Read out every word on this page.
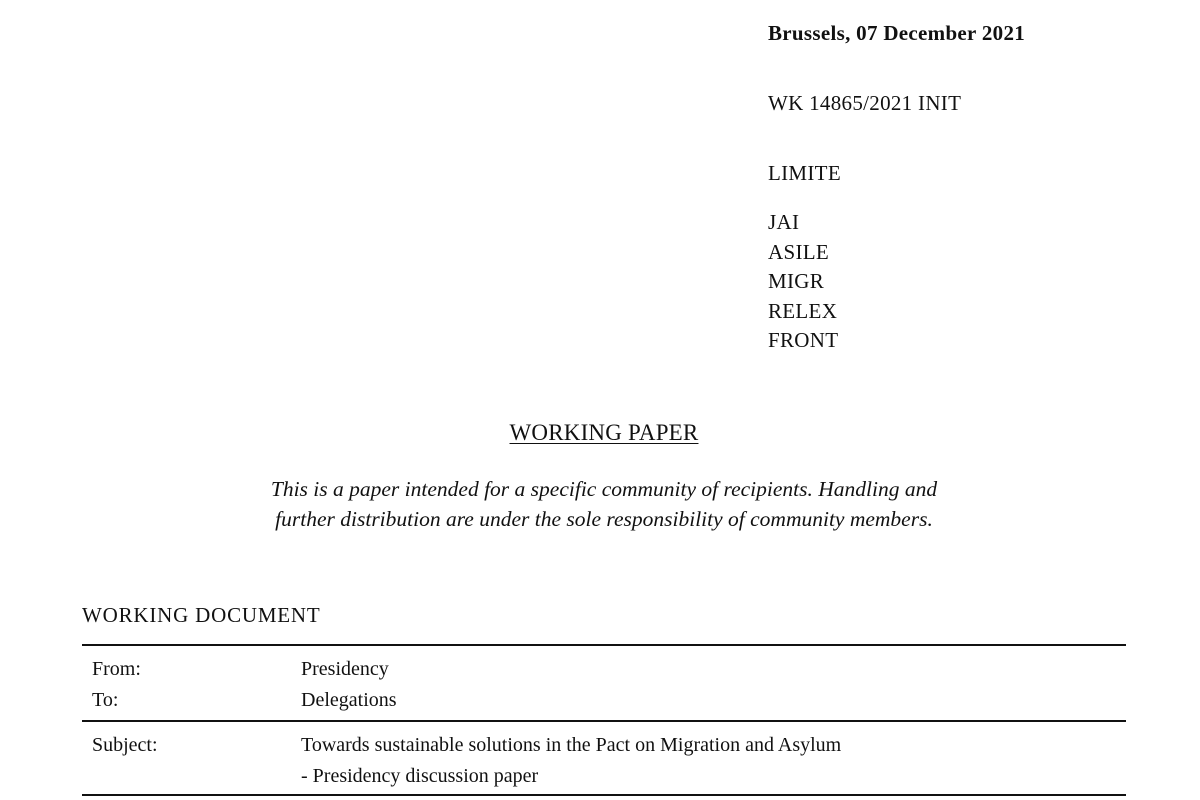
Brussels, 07 December 2021
WK 14865/2021 INIT
LIMITE
JAI
ASILE
MIGR
RELEX
FRONT
WORKING PAPER
This is a paper intended for a specific community of recipients. Handling and
further distribution are under the sole responsibility of community members.
WORKING DOCUMENT
From:
To:
Presidency
Delegations
Subject:	Towards sustainable solutions in the Pact on Migration and Asylum
- Presidency discussion paper
